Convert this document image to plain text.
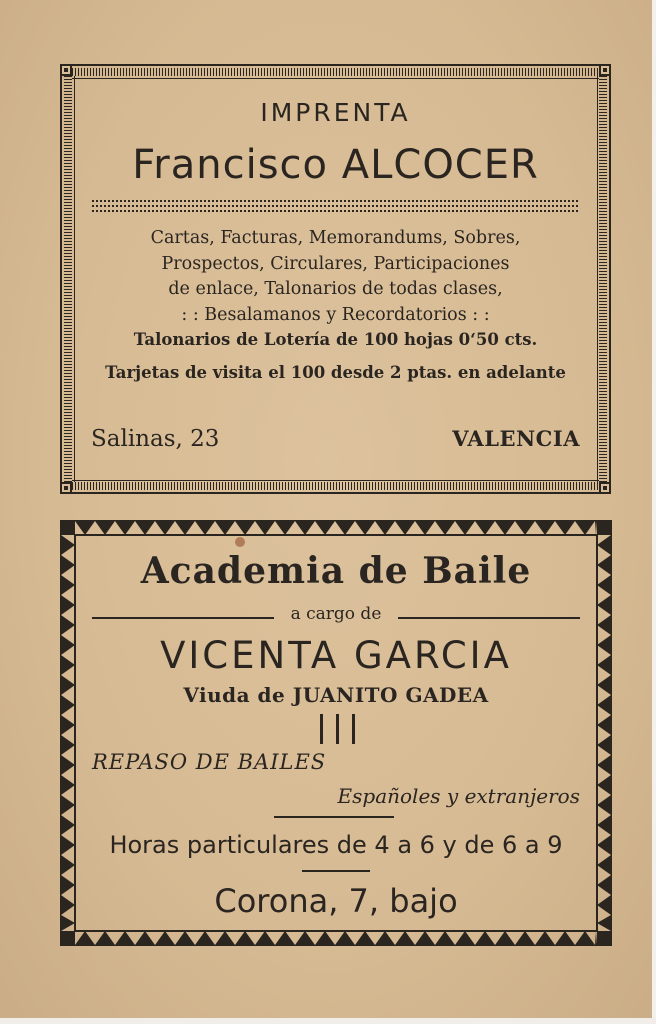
IMPRENTA
Francisco ALCOCER
Cartas, Facturas, Memorandums, Sobres,
Prospectos, Circulares, Participaciones
de enlace, Talonarios de todas clases,
: : Besalamanos y Recordatorios : :
Talonarios de Lotería de 100 hojas 0‘50 cts.
Tarjetas de visita el 100 desde 2 ptas. en adelante
Salinas, 23	VALENCIA
Academia de Baile
a cargo de
VICENTA GARCIA
Viuda de JUANITO GADEA
REPASO DE BAILES
Españoles y extranjeros
Horas particulares de 4 a 6 y de 6 a 9
Corona, 7, bajo
